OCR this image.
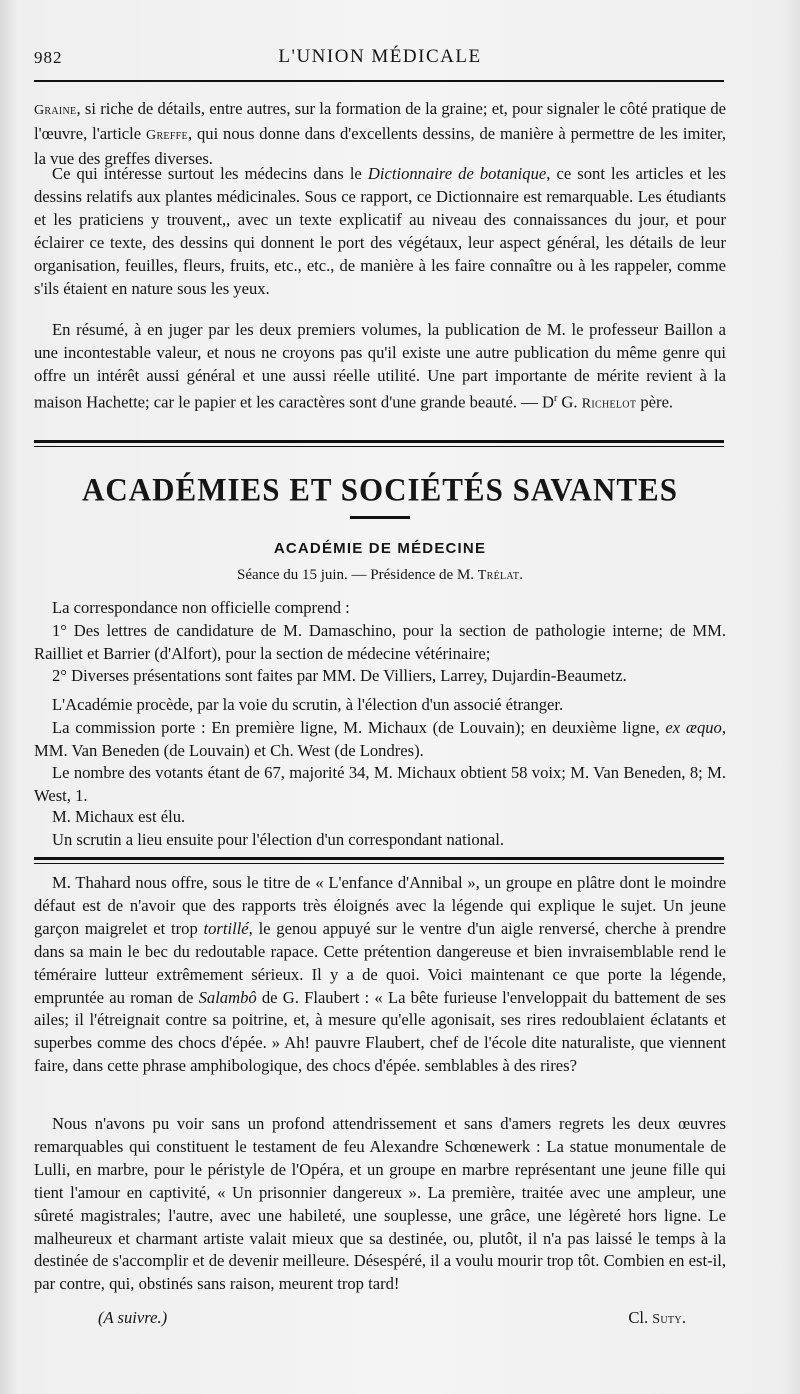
982	L'UNION MÉDICALE

Graine, si riche de détails, entre autres, sur la formation de la graine; et, pour signaler le côté pratique de l'œuvre, l'article Greffe, qui nous donne dans d'excellents dessins, de manière à permettre de les imiter, la vue des greffes diverses.

Ce qui intéresse surtout les médecins dans le Dictionnaire de botanique, ce sont les articles et les dessins relatifs aux plantes médicinales. Sous ce rapport, ce Dictionnaire est remarquable. Les étudiants et les praticiens y trouvent,, avec un texte explicatif au niveau des connaissances du jour, et pour éclairer ce texte, des dessins qui donnent le port des végétaux, leur aspect général, les détails de leur organisation, feuilles, fleurs, fruits, etc., etc., de manière à les faire connaître ou à les rappeler, comme s'ils étaient en nature sous les yeux.

En résumé, à en juger par les deux premiers volumes, la publication de M. le professeur Baillon a une incontestable valeur, et nous ne croyons pas qu'il existe une autre publication du même genre qui offre un intérêt aussi général et une aussi réelle utilité. Une part importante de mérite revient à la maison Hachette; car le papier et les caractères sont d'une grande beauté. — $D^r$ G. Richelot père.

ACADÉMIES ET SOCIÉTÉS SAVANTES
ACADÉMIE DE MÉDECINE
Séance du 15 juin. — Présidence de M. Trélat.

La correspondance non officielle comprend :

1° Des lettres de candidature de M. Damaschino, pour la section de pathologie interne; de MM. Railliet et Barrier (d'Alfort), pour la section de médecine vétérinaire;

2° Diverses présentations sont faites par MM. De Villiers, Larrey, Dujardin-Beaumetz.

L'Académie procède, par la voie du scrutin, à l'élection d'un associé étranger.

La commission porte : En première ligne, M. Michaux (de Louvain); en deuxième ligne, ex æquo, MM. Van Beneden (de Louvain) et Ch. West (de Londres).

Le nombre des votants étant de 67, majorité 34, M. Michaux obtient 58 voix; M. Van Beneden, 8; M. West, 1.

M. Michaux est élu.

Un scrutin a lieu ensuite pour l'élection d'un correspondant national.

M. Thahard nous offre, sous le titre de « L'enfance d'Annibal », un groupe en plâtre dont le moindre défaut est de n'avoir que des rapports très éloignés avec la légende qui explique le sujet. Un jeune garçon maigrelet et trop tortillé, le genou appuyé sur le ventre d'un aigle renversé, cherche à prendre dans sa main le bec du redoutable rapace. Cette prétention dangereuse et bien invraisemblable rend le téméraire lutteur extrêmement sérieux. Il y a de quoi. Voici maintenant ce que porte la légende, empruntée au roman de Salambô de G. Flaubert : « La bête furieuse l'enveloppait du battement de ses ailes; il l'étreignait contre sa poitrine, et, à mesure qu'elle agonisait, ses rires redoublaient éclatants et superbes comme des chocs d'épée. » Ah! pauvre Flaubert, chef de l'école dite naturaliste, que viennent faire, dans cette phrase amphibologique, des chocs d'épée. semblables à des rires?

Nous n'avons pu voir sans un profond attendrissement et sans d'amers regrets les deux œuvres remarquables qui constituent le testament de feu Alexandre Schœnewerk : La statue monumentale de Lulli, en marbre, pour le péristyle de l'Opéra, et un groupe en marbre représentant une jeune fille qui tient l'amour en captivité, « Un prisonnier dangereux ». La première, traitée avec une ampleur, une sûreté magistrales; l'autre, avec une habileté, une souplesse, une grâce, une légèreté hors ligne. Le malheureux et charmant artiste valait mieux que sa destinée, ou, plutôt, il n'a pas laissé le temps à la destinée de s'accomplir et de devenir meilleure. Désespéré, il a voulu mourir trop tôt. Combien en est-il, par contre, qui, obstinés sans raison, meurent trop tard!

(A suivre.)	Cl. Suty.
